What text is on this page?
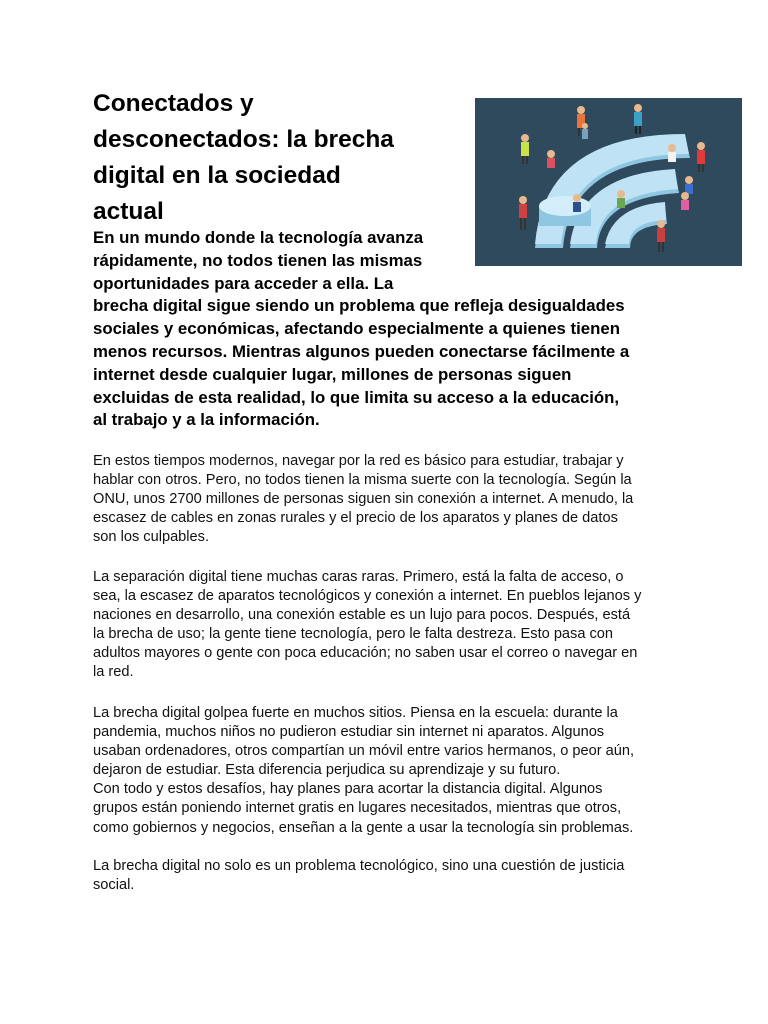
Conectados y
desconectados: la brecha
digital en la sociedad
actual
En un mundo donde la tecnología avanza
rápidamente, no todos tienen las mismas
oportunidades para acceder a ella. La
brecha digital sigue siendo un problema que refleja desigualdades
sociales y económicas, afectando especialmente a quienes tienen
menos recursos. Mientras algunos pueden conectarse fácilmente a
internet desde cualquier lugar, millones de personas siguen
excluidas de esta realidad, lo que limita su acceso a la educación,
al trabajo y a la información.
En estos tiempos modernos, navegar por la red es básico para estudiar, trabajar y
hablar con otros. Pero, no todos tienen la misma suerte con la tecnología. Según la
ONU, unos 2700 millones de personas siguen sin conexión a internet. A menudo, la
escasez de cables en zonas rurales y el precio de los aparatos y planes de datos
son los culpables.
La separación digital tiene muchas caras raras. Primero, está la falta de acceso, o
sea, la escasez de aparatos tecnológicos y conexión a internet. En pueblos lejanos y
naciones en desarrollo, una conexión estable es un lujo para pocos. Después, está
la brecha de uso; la gente tiene tecnología, pero le falta destreza. Esto pasa con
adultos mayores o gente con poca educación; no saben usar el correo o navegar en
la red.
La brecha digital golpea fuerte en muchos sitios. Piensa en la escuela: durante la
pandemia, muchos niños no pudieron estudiar sin internet ni aparatos. Algunos
usaban ordenadores, otros compartían un móvil entre varios hermanos, o peor aún,
dejaron de estudiar. Esta diferencia perjudica su aprendizaje y su futuro.
Con todo y estos desafíos, hay planes para acortar la distancia digital. Algunos
grupos están poniendo internet gratis en lugares necesitados, mientras que otros,
como gobiernos y negocios, enseñan a la gente a usar la tecnología sin problemas.
La brecha digital no solo es un problema tecnológico, sino una cuestión de justicia
social.
